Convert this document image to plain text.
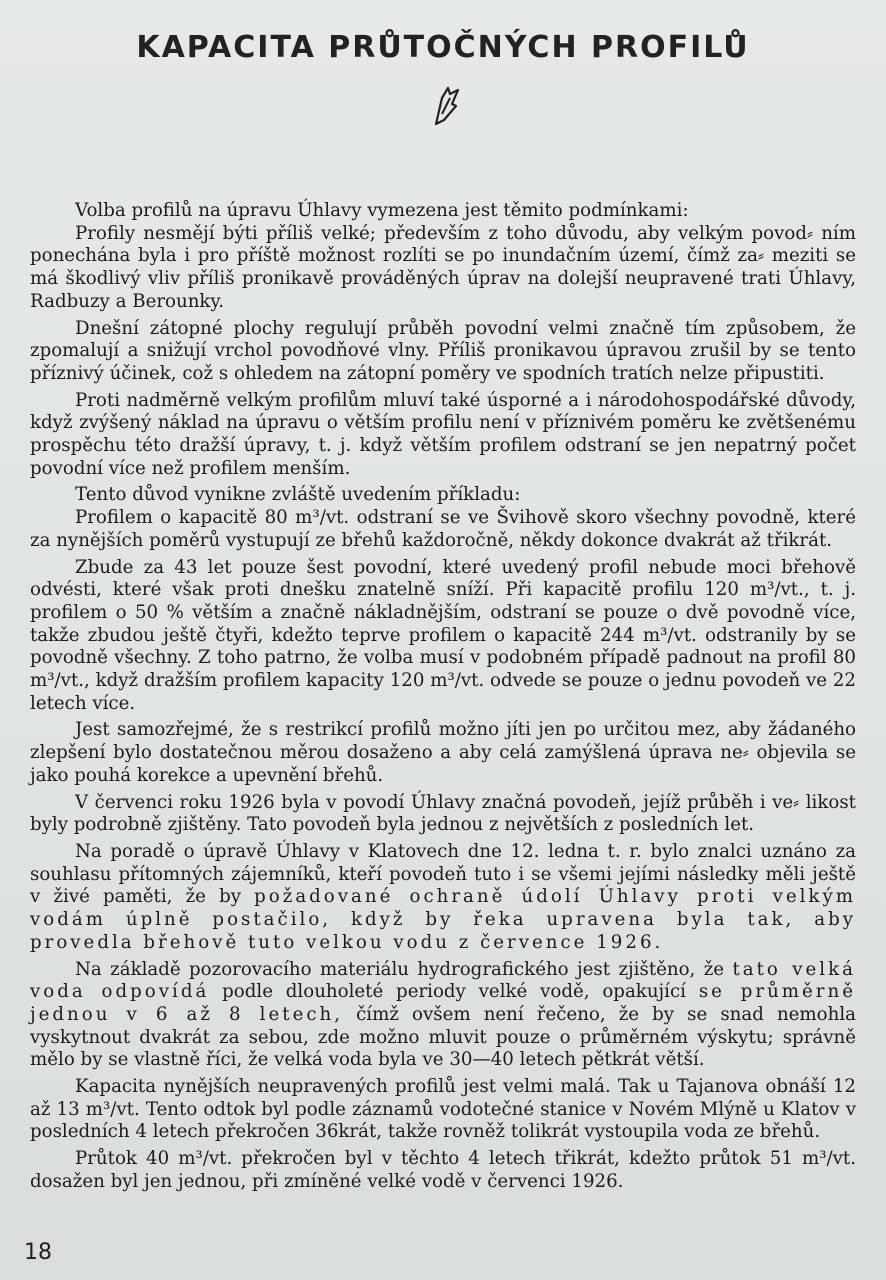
KAPACITA PRŮTOČNÝCH PROFILŮ

Volba profilů na úpravu Úhlavy vymezena jest těmito podmínkami:

Profily nesmějí býti příliš velké; především z toho důvodu, aby velkým povod⸗ ním ponechána byla i pro příště možnost rozlíti se po inundačním území, čímž za⸗ meziti se má škodlivý vliv příliš pronikavě prováděných úprav na dolejší neupravené trati Úhlavy, Radbuzy a Berounky.

Dnešní zátopné plochy regulují průběh povodní velmi značně tím způsobem, že zpomalují a snižují vrchol povodňové vlny. Příliš pronikavou úpravou zrušil by se tento příznivý účinek, což s ohledem na zátopní poměry ve spodních tratích nelze připustiti.

Proti nadměrně velkým profilům mluví také úsporné a i národohospodářské důvody, když zvýšený náklad na úpravu o větším profilu není v příznivém poměru ke zvětšenému prospěchu této dražší úpravy, t. j. když větším profilem odstraní se jen nepatrný počet povodní více než profilem menším.

Tento důvod vynikne zvláště uvedením příkladu:

Profilem o kapacitě 80 m³/vt. odstraní se ve Švihově skoro všechny povodně, které za nynějších poměrů vystupují ze břehů každoročně, někdy dokonce dvakrát až třikrát.

Zbude za 43 let pouze šest povodní, které uvedený profil nebude moci břehově odvésti, které však proti dnešku znatelně sníží. Při kapacitě profilu 120 m³/vt., t. j. profilem o 50 % větším a značně nákladnějším, odstraní se pouze o dvě povodně více, takže zbudou ještě čtyři, kdežto teprve profilem o kapacitě 244 m³/vt. odstranily by se povodně všechny. Z toho patrno, že volba musí v podobném případě padnout na profil 80 m³/vt., když dražším profilem kapacity 120 m³/vt. odvede se pouze o jednu povodeň ve 22 letech více.

Jest samozřejmé, že s restrikcí profilů možno jíti jen po určitou mez, aby žádaného zlepšení bylo dostatečnou měrou dosaženo a aby celá zamýšlená úprava ne⸗ objevila se jako pouhá korekce a upevnění břehů.

V červenci roku 1926 byla v povodí Úhlavy značná povodeň, jejíž průběh i ve⸗ likost byly podrobně zjištěny. Tato povodeň byla jednou z největších z posledních let.

Na poradě o úpravě Úhlavy v Klatovech dne 12. ledna t. r. bylo znalci uznáno za souhlasu přítomných zájemníků, kteří povodeň tuto i se všemi jejími následky měli ještě v živé paměti, že by požadované ochraně údolí Úhlavy proti velkým vodám úplně postačilo, když by řeka upravena byla tak, aby provedla břehově tuto velkou vodu z července 1926.

Na základě pozorovacího materiálu hydrografického jest zjištěno, že tato velká voda odpovídá podle dlouholeté periody velké vodě, opakující se průměrně jednou v 6 až 8 letech, čímž ovšem není řečeno, že by se snad nemohla vyskytnout dvakrát za sebou, zde možno mluvit pouze o průměrném výskytu; správně mělo by se vlastně říci, že velká voda byla ve 30—40 letech pětkrát větší.

Kapacita nynějších neupravených profilů jest velmi malá. Tak u Tajanova obnáší 12 až 13 m³/vt. Tento odtok byl podle záznamů vodotečné stanice v Novém Mlýně u Klatov v posledních 4 letech překročen 36krát, takže rovněž tolikrát vystoupila voda ze břehů.

Průtok 40 m³/vt. překročen byl v těchto 4 letech třikrát, kdežto průtok 51 m³/vt. dosažen byl jen jednou, při zmíněné velké vodě v červenci 1926.

18
